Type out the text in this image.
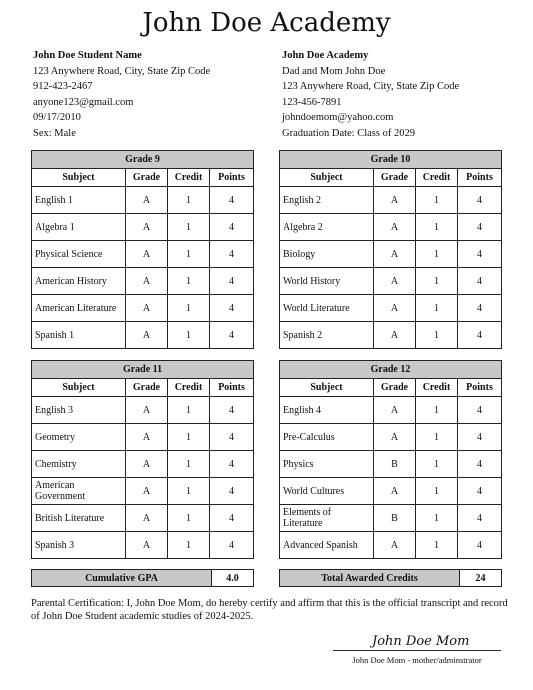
John Doe Academy
John Doe Student Name
123 Anywhere Road, City, State Zip Code
912-423-2467
anyone123@gmail.com
09/17/2010
Sex: Male
John Doe Academy
Dad and Mom John Doe
123 Anywhere Road, City, State Zip Code
123-456-7891
johndoemom@yahoo.com
Graduation Date: Class of 2029
Grade 9			
Subject	Grade	Credit	Points
English 1	A	1	4
Algebra 1	A	1	4
Physical Science	A	1	4
American History	A	1	4
American Literature	A	1	4
Spanish 1	A	1	4
Grade 10			
Subject	Grade	Credit	Points
English 2	A	1	4
Algebra 2	A	1	4
Biology	A	1	4
World History	A	1	4
World Literature	A	1	4
Spanish 2	A	1	4
Grade 11			
Subject	Grade	Credit	Points
English 3	A	1	4
Geometry	A	1	4
Chemistry	A	1	4
American Government	A	1	4
British Literature	A	1	4
Spanish 3	A	1	4
Grade 12			
Subject	Grade	Credit	Points
English 4	A	1	4
Pre-Calculus	A	1	4
Physics	B	1	4
World Cultures	A	1	4
Elements of Literature	B	1	4
Advanced Spanish	A	1	4
Cumulative GPA	4.0	Total Awarded Credits	24
Parental Certification: I, John Doe Mom, do hereby certify and affirm that this is the official transcript and record of John Doe Student academic studies of 2024-2025.
John Doe Mom
John Doe Mom - mother/adminstrator
